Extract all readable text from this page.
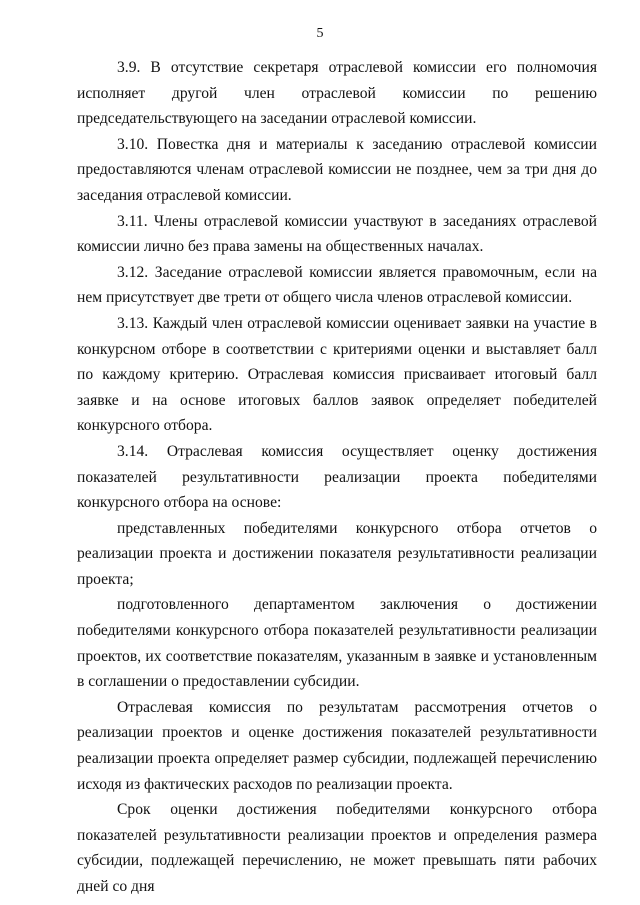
5

3.9. В отсутствие секретаря отраслевой комиссии его полномочия исполняет другой член отраслевой комиссии по решению председательствующего на заседании отраслевой комиссии.

3.10. Повестка дня и материалы к заседанию отраслевой комиссии предоставляются членам отраслевой комиссии не позднее, чем за три дня до заседания отраслевой комиссии.

3.11. Члены отраслевой комиссии участвуют в заседаниях отраслевой комиссии лично без права замены на общественных началах.

3.12. Заседание отраслевой комиссии является правомочным, если на нем присутствует две трети от общего числа членов отраслевой комиссии.

3.13. Каждый член отраслевой комиссии оценивает заявки на участие в конкурсном отборе в соответствии с критериями оценки и выставляет балл по каждому критерию. Отраслевая комиссия присваивает итоговый балл заявке и на основе итоговых баллов заявок определяет победителей конкурсного отбора.

3.14. Отраслевая комиссия осуществляет оценку достижения показателей результативности реализации проекта победителями конкурсного отбора на основе:

представленных победителями конкурсного отбора отчетов о реализации проекта и достижении показателя результативности реализации проекта;

подготовленного департаментом заключения о достижении победителями конкурсного отбора показателей результативности реализации проектов, их соответствие показателям, указанным в заявке и установленным в соглашении о предоставлении субсидии.

Отраслевая комиссия по результатам рассмотрения отчетов о реализации проектов и оценке достижения показателей результативности реализации проекта определяет размер субсидии, подлежащей перечислению исходя из фактических расходов по реализации проекта.

Срок оценки достижения победителями конкурсного отбора показателей результативности реализации проектов и определения размера субсидии, подлежащей перечислению, не может превышать пяти рабочих дней со дня
